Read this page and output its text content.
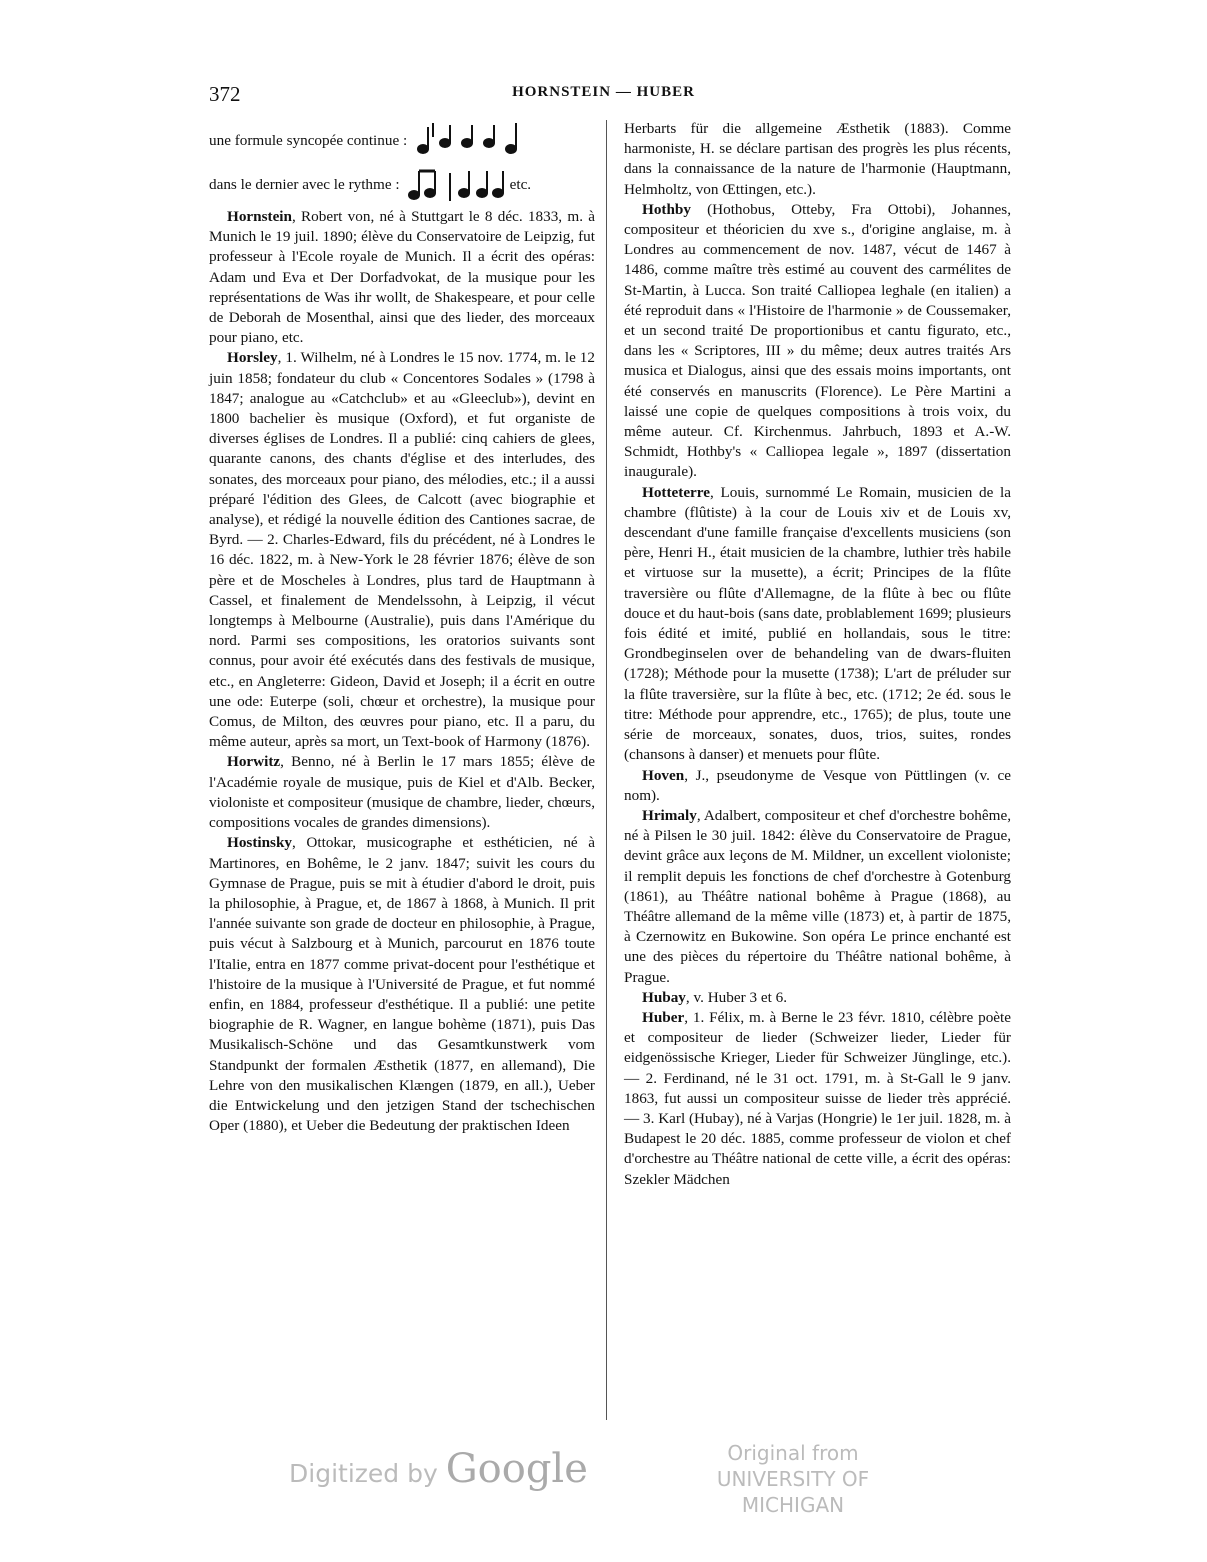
372	HORNSTEIN — HUBER
une formule syncopée continue :
dans le dernier avec le rythme :	etc.

Hornstein, Robert von, né à Stuttgart le 8 déc. 1833, m. à Munich le 19 juil. 1890; élève du Conservatoire de Leipzig, fut professeur à l'Ecole royale de Munich. Il a écrit des opéras: Adam und Eva et Der Dorfadvokat, de la musique pour les représentations de Was ihr wollt, de Shakespeare, et pour celle de Deborah de Mosenthal, ainsi que des lieder, des morceaux pour piano, etc.

Horsley, 1. Wilhelm, né à Londres le 15 nov. 1774, m. le 12 juin 1858; fondateur du club « Concentores Sodales » (1798 à 1847; analogue au «Catchclub» et au «Gleeclub»), devint en 1800 bachelier ès musique (Oxford), et fut organiste de diverses églises de Londres. Il a publié: cinq cahiers de glees, quarante canons, des chants d'église et des interludes, des sonates, des morceaux pour piano, des mélodies, etc.; il a aussi préparé l'édition des Glees, de Calcott (avec biographie et analyse), et rédigé la nouvelle édition des Cantiones sacrae, de Byrd. — 2. Charles-Edward, fils du précédent, né à Londres le 16 déc. 1822, m. à New-York le 28 février 1876; élève de son père et de Moscheles à Londres, plus tard de Hauptmann à Cassel, et finalement de Mendelssohn, à Leipzig, il vécut longtemps à Melbourne (Australie), puis dans l'Amérique du nord. Parmi ses compositions, les oratorios suivants sont connus, pour avoir été exécutés dans des festivals de musique, etc., en Angleterre: Gideon, David et Joseph; il a écrit en outre une ode: Euterpe (soli, chœur et orchestre), la musique pour Comus, de Milton, des œuvres pour piano, etc. Il a paru, du même auteur, après sa mort, un Text-book of Harmony (1876).

Horwitz, Benno, né à Berlin le 17 mars 1855; élève de l'Académie royale de musique, puis de Kiel et d'Alb. Becker, violoniste et compositeur (musique de chambre, lieder, chœurs, compositions vocales de grandes dimensions).

Hostinsky, Ottokar, musicographe et esthéticien, né à Martinores, en Bohême, le 2 janv. 1847; suivit les cours du Gymnase de Prague, puis se mit à étudier d'abord le droit, puis la philosophie, à Prague, et, de 1867 à 1868, à Munich. Il prit l'année suivante son grade de docteur en philosophie, à Prague, puis vécut à Salzbourg et à Munich, parcourut en 1876 toute l'Italie, entra en 1877 comme privat-docent pour l'esthétique et l'histoire de la musique à l'Université de Prague, et fut nommé enfin, en 1884, professeur d'esthétique. Il a publié: une petite biographie de R. Wagner, en langue bohème (1871), puis Das Musikalisch-Schöne und das Gesamtkunstwerk vom Standpunkt der formalen Æsthetik (1877, en allemand), Die Lehre von den musikalischen Klængen (1879, en all.), Ueber die Entwickelung und den jetzigen Stand der tschechischen Oper (1880), et Ueber die Bedeutung der praktischen Ideen

Herbarts für die allgemeine Æsthetik (1883). Comme harmoniste, H. se déclare partisan des progrès les plus récents, dans la connaissance de la nature de l'harmonie (Hauptmann, Helmholtz, von Œttingen, etc.).

Hothby (Hothobus, Otteby, Fra Ottobi), Johannes, compositeur et théoricien du xve s., d'origine anglaise, m. à Londres au commencement de nov. 1487, vécut de 1467 à 1486, comme maître très estimé au couvent des carmélites de St-Martin, à Lucca. Son traité Calliopea leghale (en italien) a été reproduit dans « l'Histoire de l'harmonie » de Coussemaker, et un second traité De proportionibus et cantu figurato, etc., dans les « Scriptores, III » du même; deux autres traités Ars musica et Dialogus, ainsi que des essais moins importants, ont été conservés en manuscrits (Florence). Le Père Martini a laissé une copie de quelques compositions à trois voix, du même auteur. Cf. Kirchenmus. Jahrbuch, 1893 et A.-W. Schmidt, Hothby's « Calliopea legale », 1897 (dissertation inaugurale).

Hotteterre, Louis, surnommé Le Romain, musicien de la chambre (flûtiste) à la cour de Louis xiv et de Louis xv, descendant d'une famille française d'excellents musiciens (son père, Henri H., était musicien de la chambre, luthier très habile et virtuose sur la musette), a écrit; Principes de la flûte traversière ou flûte d'Allemagne, de la flûte à bec ou flûte douce et du haut-bois (sans date, problablement 1699; plusieurs fois édité et imité, publié en hollandais, sous le titre: Grondbeginselen over de behandeling van de dwars-fluiten (1728); Méthode pour la musette (1738); L'art de préluder sur la flûte traversière, sur la flûte à bec, etc. (1712; 2e éd. sous le titre: Méthode pour apprendre, etc., 1765); de plus, toute une série de morceaux, sonates, duos, trios, suites, rondes (chansons à danser) et menuets pour flûte.

Hoven, J., pseudonyme de Vesque von Püttlingen (v. ce nom).

Hrimaly, Adalbert, compositeur et chef d'orchestre bohême, né à Pilsen le 30 juil. 1842: élève du Conservatoire de Prague, devint grâce aux leçons de M. Mildner, un excellent violoniste; il remplit depuis les fonctions de chef d'orchestre à Gotenburg (1861), au Théâtre national bohême à Prague (1868), au Théâtre allemand de la même ville (1873) et, à partir de 1875, à Czernowitz en Bukowine. Son opéra Le prince enchanté est une des pièces du répertoire du Théâtre national bohême, à Prague.

Hubay, v. Huber 3 et 6.

Huber, 1. Félix, m. à Berne le 23 févr. 1810, célèbre poète et compositeur de lieder (Schweizer lieder, Lieder für eidgenössische Krieger, Lieder für Schweizer Jünglinge, etc.). — 2. Ferdinand, né le 31 oct. 1791, m. à St-Gall le 9 janv. 1863, fut aussi un compositeur suisse de lieder très apprécié. — 3. Karl (Hubay), né à Varjas (Hongrie) le 1er juil. 1828, m. à Budapest le 20 déc. 1885, comme professeur de violon et chef d'orchestre au Théâtre national de cette ville, a écrit des opéras: Szekler Mädchen

Digitized by Google	Original from
UNIVERSITY OF MICHIGAN
